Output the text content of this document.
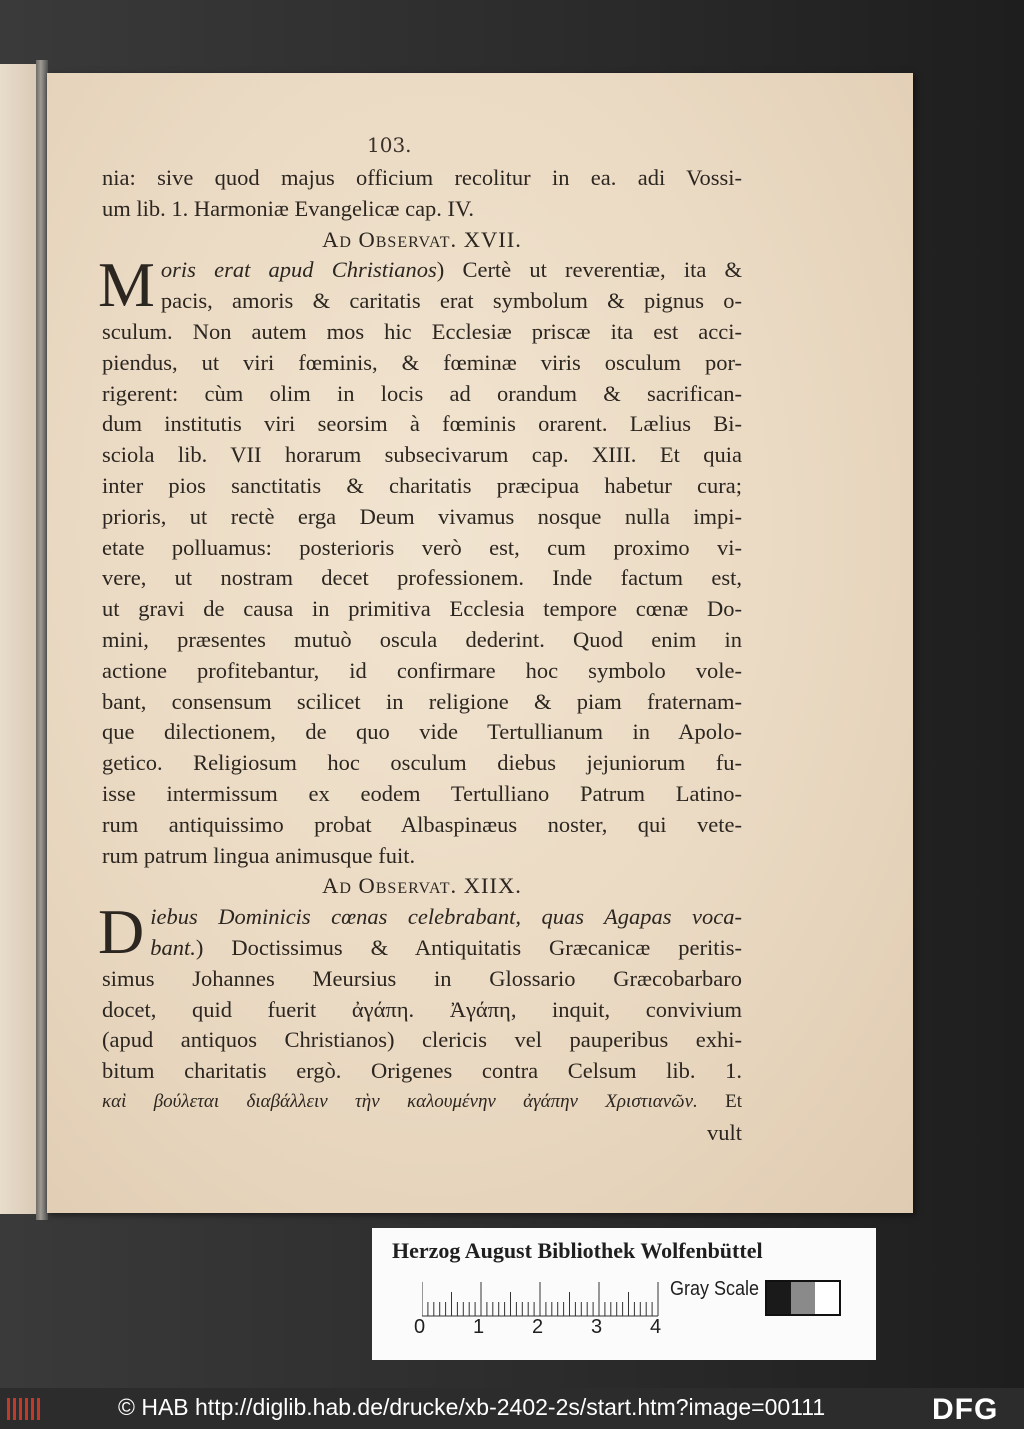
103.
nia: sive quod majus officium recolitur in ea. adi Vossi-
um lib. 1. Harmoniæ Evangelicæ cap. IV.
Ad Observat. XVII.
M oris erat apud Christianos) Certè ut reverentiæ, ita &
pacis, amoris & caritatis erat symbolum & pignus o-
sculum. Non autem mos hic Ecclesiæ priscæ ita est acci-
piendus, ut viri fœminis, & fœminæ viris osculum por-
rigerent: cùm olim in locis ad orandum & sacrifican-
dum institutis viri seorsim à fœminis orarent. Lælius Bi-
sciola lib. VII horarum subsecivarum cap. XIII. Et quia
inter pios sanctitatis & charitatis præcipua habetur cura;
prioris, ut rectè erga Deum vivamus nosque nulla impi-
etate polluamus: posterioris verò est, cum proximo vi-
vere, ut nostram decet professionem. Inde factum est,
ut gravi de causa in primitiva Ecclesia tempore cœnæ Do-
mini, præsentes mutuò oscula dederint. Quod enim in
actione profitebantur, id confirmare hoc symbolo vole-
bant, consensum scilicet in religione & piam fraternam-
que dilectionem, de quo vide Tertullianum in Apolo-
getico. Religiosum hoc osculum diebus jejuniorum fu-
isse intermissum ex eodem Tertulliano Patrum Latino-
rum antiquissimo probat Albaspinæus noster, qui vete-
rum patrum lingua animusque fuit.
Ad Observat. XIIX.
D iebus Dominicis cœnas celebrabant, quas Agapas voca-
bant.) Doctissimus & Antiquitatis Græcanicæ peritis-
simus Johannes Meursius in Glossario Græcobarbaro
docet, quid fuerit ἀγάπη. Ἀγάπη, inquit, convivium
(apud antiquos Christianos) clericis vel pauperibus exhi-
bitum charitatis ergò. Origenes contra Celsum lib. 1.
καὶ βούλεται διαβάλλειν τὴν καλουμένην ἀγάπην Χριστιανῶν. Et
vult
Herzog August Bibliothek Wolfenbüttel
0 1 2 3 4
Gray Scale
© HAB http://diglib.hab.de/drucke/xb-2402-2s/start.htm?image=00111	DFG
